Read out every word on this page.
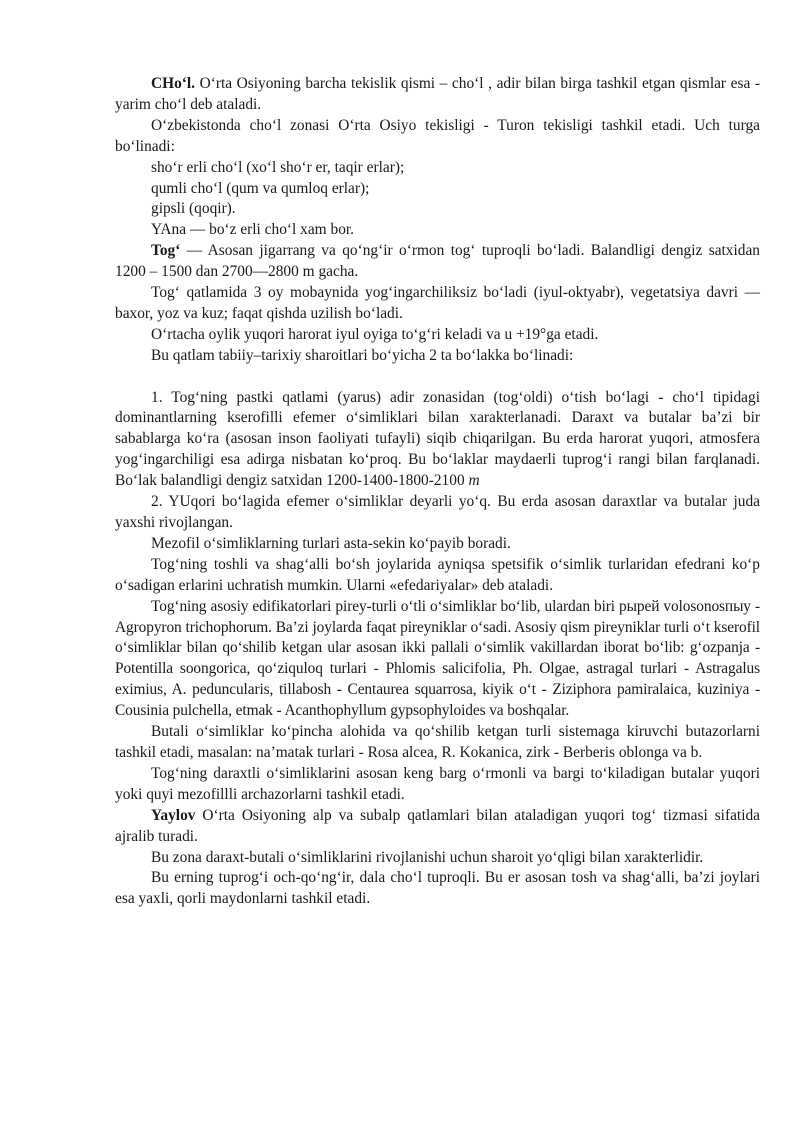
CHo‘l. O‘rta Osiyoning barcha tekislik qismi – cho‘l , adir bilan birga tashkil etgan qismlar esa - yarim cho‘l deb ataladi.

O‘zbekistonda cho‘l zonasi O‘rta Osiyo tekisligi - Turon tekisligi tashkil etadi. Uch turga bo‘linadi:

sho‘r erli cho‘l (xo‘l sho‘r er, taqir erlar);

qumli cho‘l (qum va qumloq erlar);

gipsli (qoqir).

YAna — bo‘z erli cho‘l xam bor.

Tog‘ — Asosan jigarrang va qo‘ng‘ir o‘rmon tog‘ tuproqli bo‘ladi. Balandligi dengiz satxidan 1200 – 1500 dan 2700—2800 m gacha.

Tog‘ qatlamida 3 oy mobaynida yog‘ingarchiliksiz bo‘ladi (iyul-oktyabr), vegetatsiya davri — baxor, yoz va kuz; faqat qishda uzilish bo‘ladi.

O‘rtacha oylik yuqori harorat iyul oyiga to‘g‘ri keladi va u +19°ga etadi.

Bu qatlam tabiiy–tarixiy sharoitlari bo‘yicha 2 ta bo‘lakka bo‘linadi:

1. Tog‘ning pastki qatlami (yarus) adir zonasidan (tog‘oldi) o‘tish bo‘lagi - cho‘l tipidagi dominantlarning kserofilli efemer o‘simliklari bilan xarakterlanadi. Daraxt va butalar ba’zi bir sabablarga ko‘ra (asosan inson faoliyati tufayli) siqib chiqarilgan. Bu erda harorat yuqori, atmosfera yog‘ingarchiligi esa adirga nisbatan ko‘proq. Bu bo‘laklar maydaerli tuprog‘i rangi bilan farqlanadi. Bo‘lak balandligi dengiz satxidan 1200-1400-1800-2100 m

2. YUqori bo‘lagida efemer o‘simliklar deyarli yo‘q. Bu erda asosan daraxtlar va butalar juda yaxshi rivojlangan.

Mezofil o‘simliklarning turlari asta-sekin ko‘payib boradi.

Tog‘ning toshli va shag‘alli bo‘sh joylarida ayniqsa spetsifik o‘simlik turlaridan efedrani ko‘p o‘sadigan erlarini uchratish mumkin. Ularni «efedariyalar» deb ataladi.

Tog‘ning asosiy edifikatorlari pirey-turli o‘tli o‘simliklar bo‘lib, ulardan biri pырей volosonosпыу - Agropyron trichophorum. Ba’zi joylarda faqat pireyniklar o‘sadi. Asosiy qism pireyniklar turli o‘t kserofil o‘simliklar bilan qo‘shilib ketgan ular asosan ikki pallali o‘simlik vakillardan iborat bo‘lib: g‘ozpanja - Potentilla soongorica, qo‘ziquloq turlari - Phlomis salicifolia, Ph. Olgae, astragal turlari - Astragalus eximius, A. peduncularis, tillabosh - Centaurea squarrosa, kiyik o‘t - Ziziphora pamiralaica, kuziniya - Cousinia pulchella, etmak - Acanthophyllum gypsophyloides va boshqalar.

Butali o‘simliklar ko‘pincha alohida va qo‘shilib ketgan turli sistemaga kiruvchi butazorlarni tashkil etadi, masalan: na’matak turlari - Rosa alcea, R. Kokanica, zirk - Berberis oblonga va b.

Tog‘ning daraxtli o‘simliklarini asosan keng barg o‘rmonli va bargi to‘kiladigan butalar yuqori yoki quyi mezofillli archazorlarni tashkil etadi.

Yaylov O‘rta Osiyoning alp va subalp qatlamlari bilan ataladigan yuqori tog‘ tizmasi sifatida ajralib turadi.

Bu zona daraxt-butali o‘simliklarini rivojlanishi uchun sharoit yo‘qligi bilan xarakterlidir.

Bu erning tuprog‘i och-qo‘ng‘ir, dala cho‘l tuproqli. Bu er asosan tosh va shag‘alli, ba’zi joylari esa yaxli, qorli maydonlarni tashkil etadi.
